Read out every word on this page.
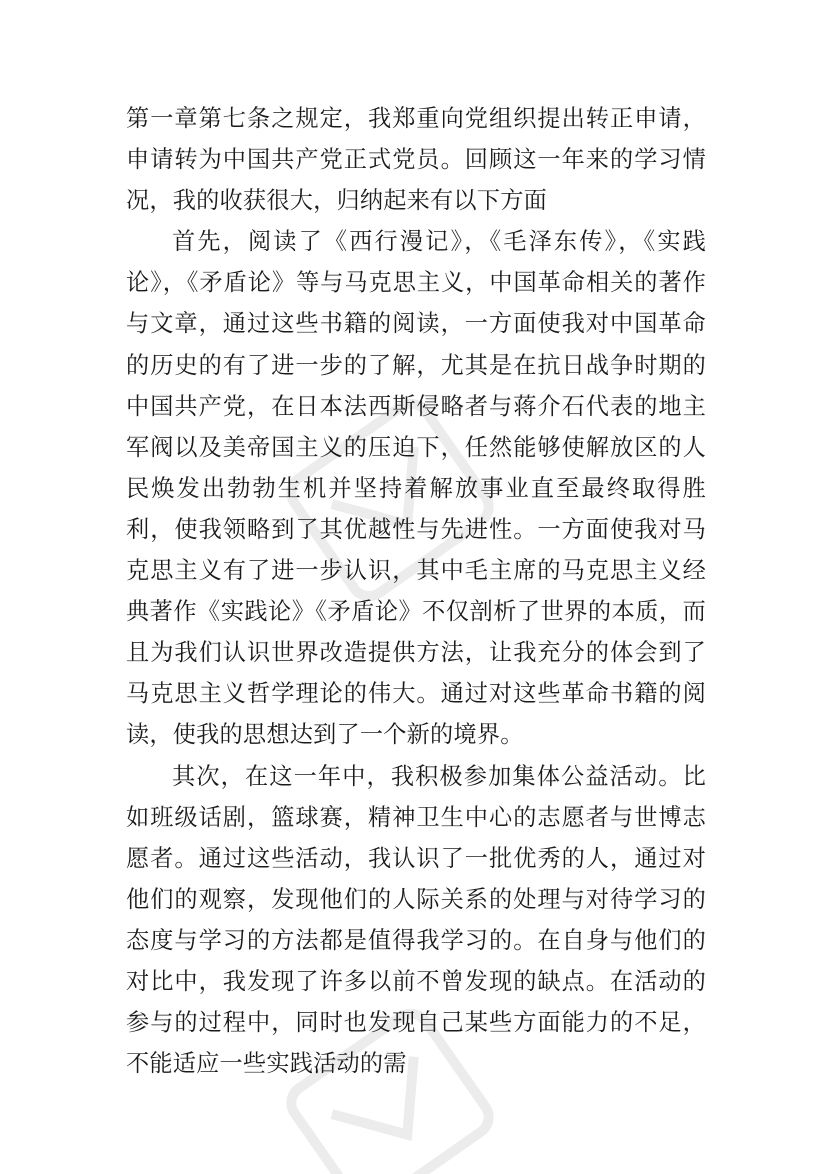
第一章第七条之规定，我郑重向党组织提出转正申请，申请转为中国共产党正式党员。回顾这一年来的学习情况，我的收获很大，归纳起来有以下方面

首先，阅读了《西行漫记》，《毛泽东传》，《实践论》，《矛盾论》等与马克思主义，中国革命相关的著作与文章，通过这些书籍的阅读，一方面使我对中国革命的历史的有了进一步的了解，尤其是在抗日战争时期的中国共产党，在日本法西斯侵略者与蒋介石代表的地主军阀以及美帝国主义的压迫下，任然能够使解放区的人民焕发出勃勃生机并坚持着解放事业直至最终取得胜利，使我领略到了其优越性与先进性。一方面使我对马克思主义有了进一步认识，其中毛主席的马克思主义经典著作《实践论》《矛盾论》不仅剖析了世界的本质，而且为我们认识世界改造提供方法，让我充分的体会到了马克思主义哲学理论的伟大。通过对这些革命书籍的阅读，使我的思想达到了一个新的境界。

其次，在这一年中，我积极参加集体公益活动。比如班级话剧，篮球赛，精神卫生中心的志愿者与世博志愿者。通过这些活动，我认识了一批优秀的人，通过对他们的观察，发现他们的人际关系的处理与对待学习的态度与学习的方法都是值得我学习的。在自身与他们的对比中，我发现了许多以前不曾发现的缺点。在活动的参与的过程中，同时也发现自己某些方面能力的不足，不能适应一些实践活动的需
